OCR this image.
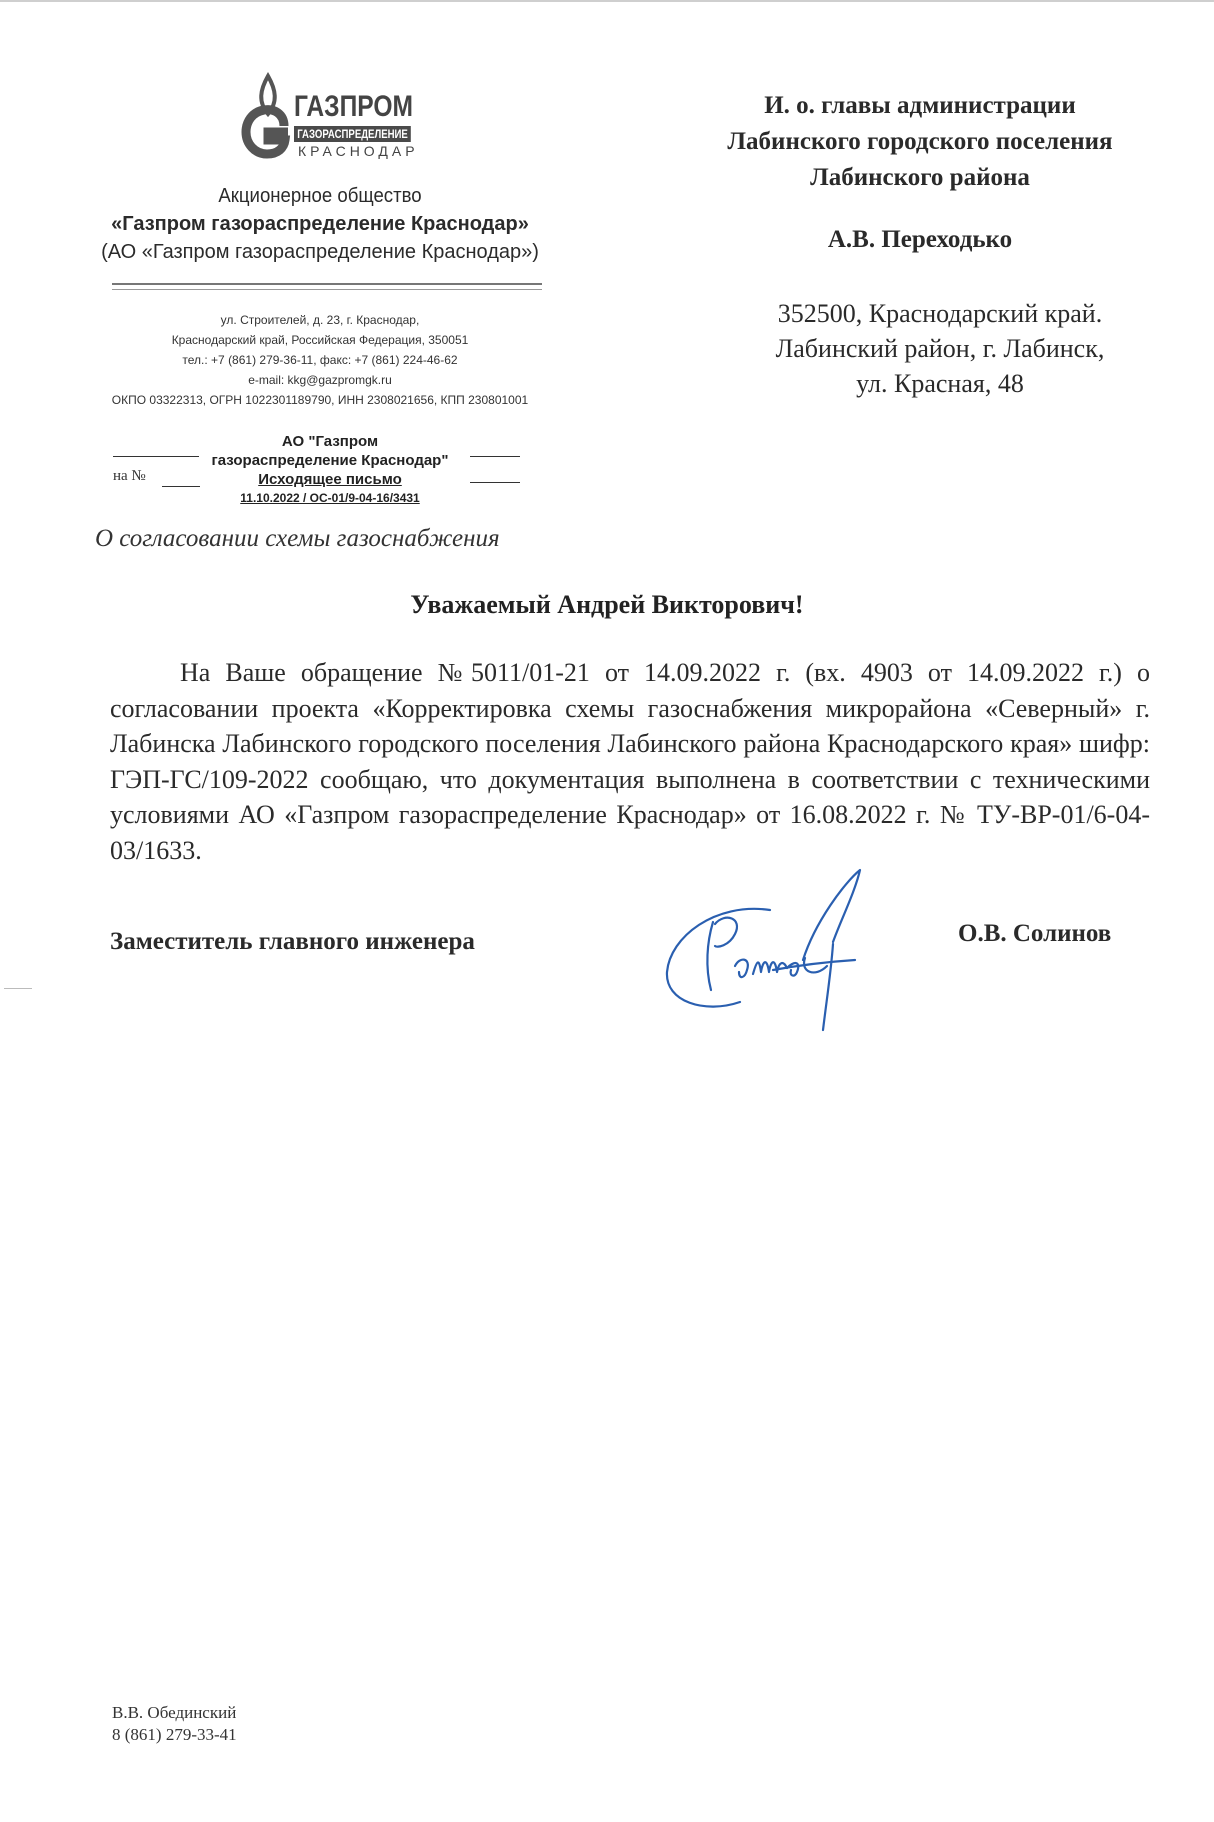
ГАЗПРОМ
ГАЗОРАСПРЕДЕЛЕНИЕ
КРАСНОДАР
Акционерное общество
«Газпром газораспределение Краснодар»
(АО «Газпром газораспределение Краснодар»)
ул. Строителей, д. 23, г. Краснодар,
Краснодарский край, Российская Федерация, 350051
тел.: +7 (861) 279-36-11, факс: +7 (861) 224-46-62
e-mail: kkg@gazpromgk.ru
ОКПО 03322313, ОГРН 1022301189790, ИНН 2308021656, КПП 230801001
на №
АО "Газпром
газораспределение Краснодар"
Исходящее письмо
11.10.2022 / ОС-01/9-04-16/3431
О согласовании схемы газоснабжения
И. о. главы администрации
Лабинского городского поселения
Лабинского района
А.В. Переходько
352500, Краснодарский край.
Лабинский район, г. Лабинск,
ул. Красная, 48
Уважаемый Андрей Викторович!
На Ваше обращение №5011/01-21 от 14.09.2022 г. (вх. 4903 от 14.09.2022 г.) о согласовании проекта «Корректировка схемы газоснабжения микрорайона «Северный» г. Лабинска Лабинского городского поселения Лабинского района Краснодарского края» шифр: ГЭП-ГС/109-2022 сообщаю, что документация выполнена в соответствии с техническими условиями АО «Газпром газораспределение Краснодар» от 16.08.2022 г. № ТУ-ВР-01/6-04-03/1633.
Заместитель главного инженера	О.В. Солинов
В.В. Обединский
8 (861) 279-33-41
